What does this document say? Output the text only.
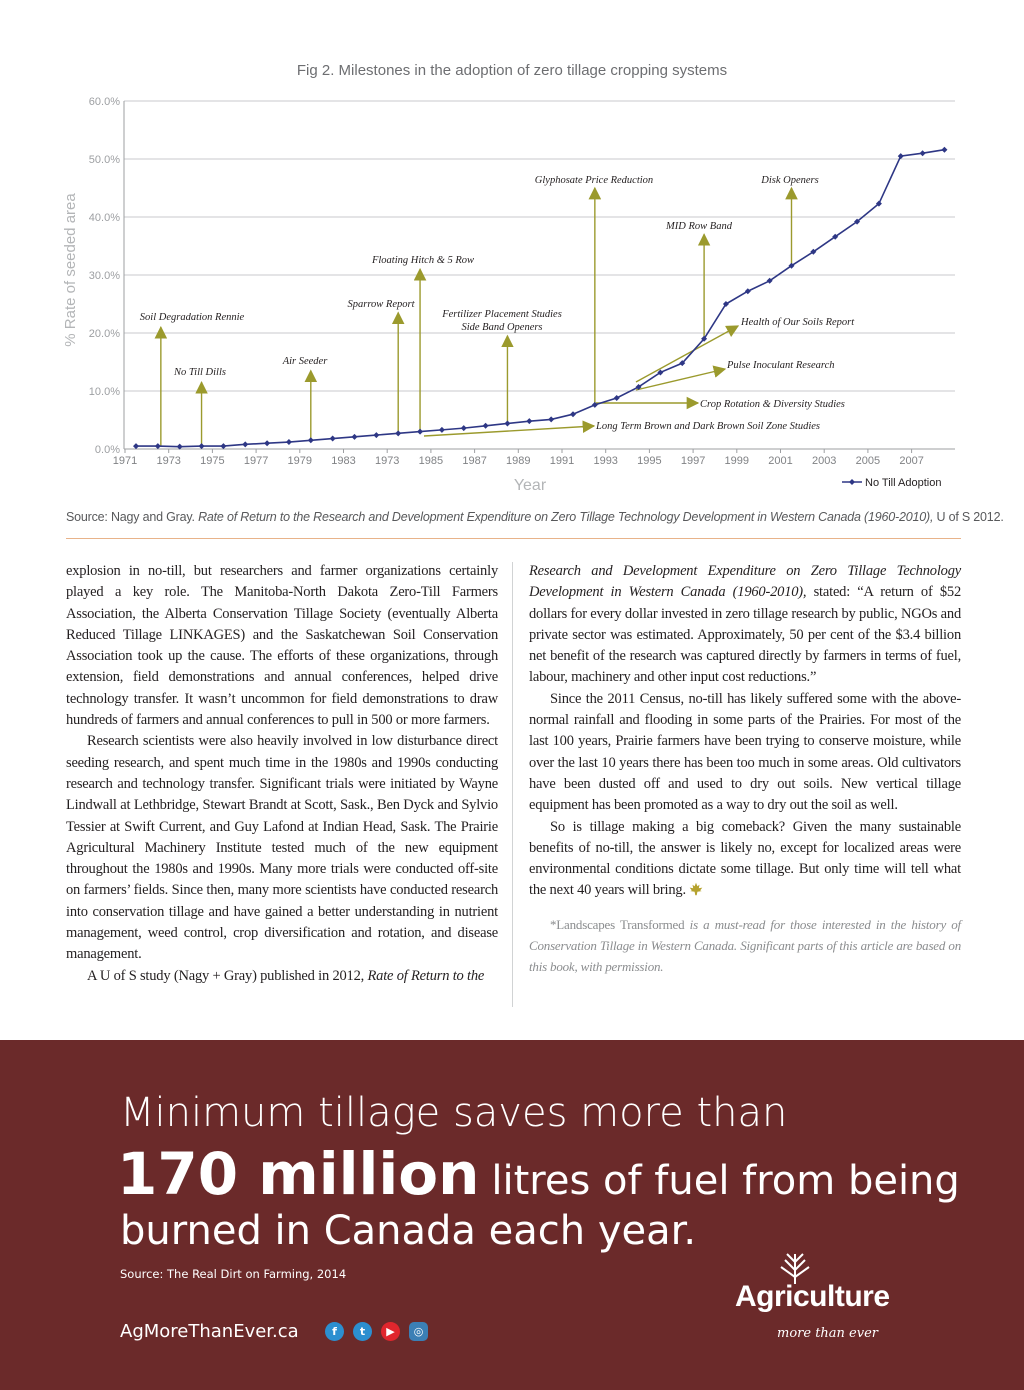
Fig 2. Milestones in the adoption of zero tillage cropping systems
0.0%
10.0%
20.0%
30.0%
40.0%
50.0%
60.0%
% Rate of seeded area
1971 1973 1975 1977 1979 1983 1973 1985 1987 1989 1991 1993 1995 1997 1999 2001 2003 2005 2007
Year
Soil Degradation Rennie
No Till Dills
Air Seeder
Sparrow Report
Floating Hitch & 5 Row
Fertilizer Placement Studies
Side Band Openers
Glyphosate Price Reduction
MID Row Band
Disk Openers
Health of Our Soils Report
Pulse Inoculant Research
Crop Rotation & Diversity Studies
Long Term Brown and Dark Brown Soil Zone Studies
No Till Adoption
Source: Nagy and Gray. Rate of Return to the Research and Development Expenditure on Zero Tillage Technology Development in Western Canada (1960-2010), U of S 2012.

explosion in no-till, but researchers and farmer organizations certainly played a key role. The Manitoba-North Dakota Zero-Till Farmers Association, the Alberta Conservation Tillage Society (eventually Alberta Reduced Tillage LINKAGES) and the Saskatchewan Soil Conservation Association took up the cause. The efforts of these organizations, through extension, field demonstrations and annual conferences, helped drive technology transfer. It wasn’t uncommon for field demonstrations to draw hundreds of farmers and annual conferences to pull in 500 or more farmers.

Research scientists were also heavily involved in low disturbance direct seeding research, and spent much time in the 1980s and 1990s conducting research and technology transfer. Significant trials were initiated by Wayne Lindwall at Lethbridge, Stewart Brandt at Scott, Sask., Ben Dyck and Sylvio Tessier at Swift Current, and Guy Lafond at Indian Head, Sask. The Prairie Agricultural Machinery Institute tested much of the new equipment throughout the 1980s and 1990s. Many more trials were conducted off-site on farmers’ fields. Since then, many more scientists have conducted research into conservation tillage and have gained a better understanding in nutrient management, weed control, crop diversification and rotation, and disease management.

A U of S study (Nagy + Gray) published in 2012, Rate of Return to the

Research and Development Expenditure on Zero Tillage Technology Development in Western Canada (1960-2010), stated: “A return of $52 dollars for every dollar invested in zero tillage research by public, NGOs and private sector was estimated. Approximately, 50 per cent of the $3.4 billion net benefit of the research was captured directly by farmers in terms of fuel, labour, machinery and other input cost reductions.”

Since the 2011 Census, no-till has likely suffered some with the above-normal rainfall and flooding in some parts of the Prairies. For most of the last 100 years, Prairie farmers have been trying to conserve moisture, while over the last 10 years there has been too much in some areas. Old cultivators have been dusted off and used to dry out soils. New vertical tillage equipment has been promoted as a way to dry out the soil as well.

So is tillage making a big comeback? Given the many sustainable benefits of no-till, the answer is likely no, except for localized areas were environmental conditions dictate some tillage. But only time will tell what the next 40 years will bring.

*Landscapes Transformed is a must-read for those interested in the history of Conservation Tillage in Western Canada. Significant parts of this article are based on this book, with permission.

Minimum tillage saves more than
170 million litres of fuel from being
burned in Canada each year.
Source: The Real Dirt on Farming, 2014
AgMoreThanEver.ca	f	t	▶	◎
Agriculture
more than ever
